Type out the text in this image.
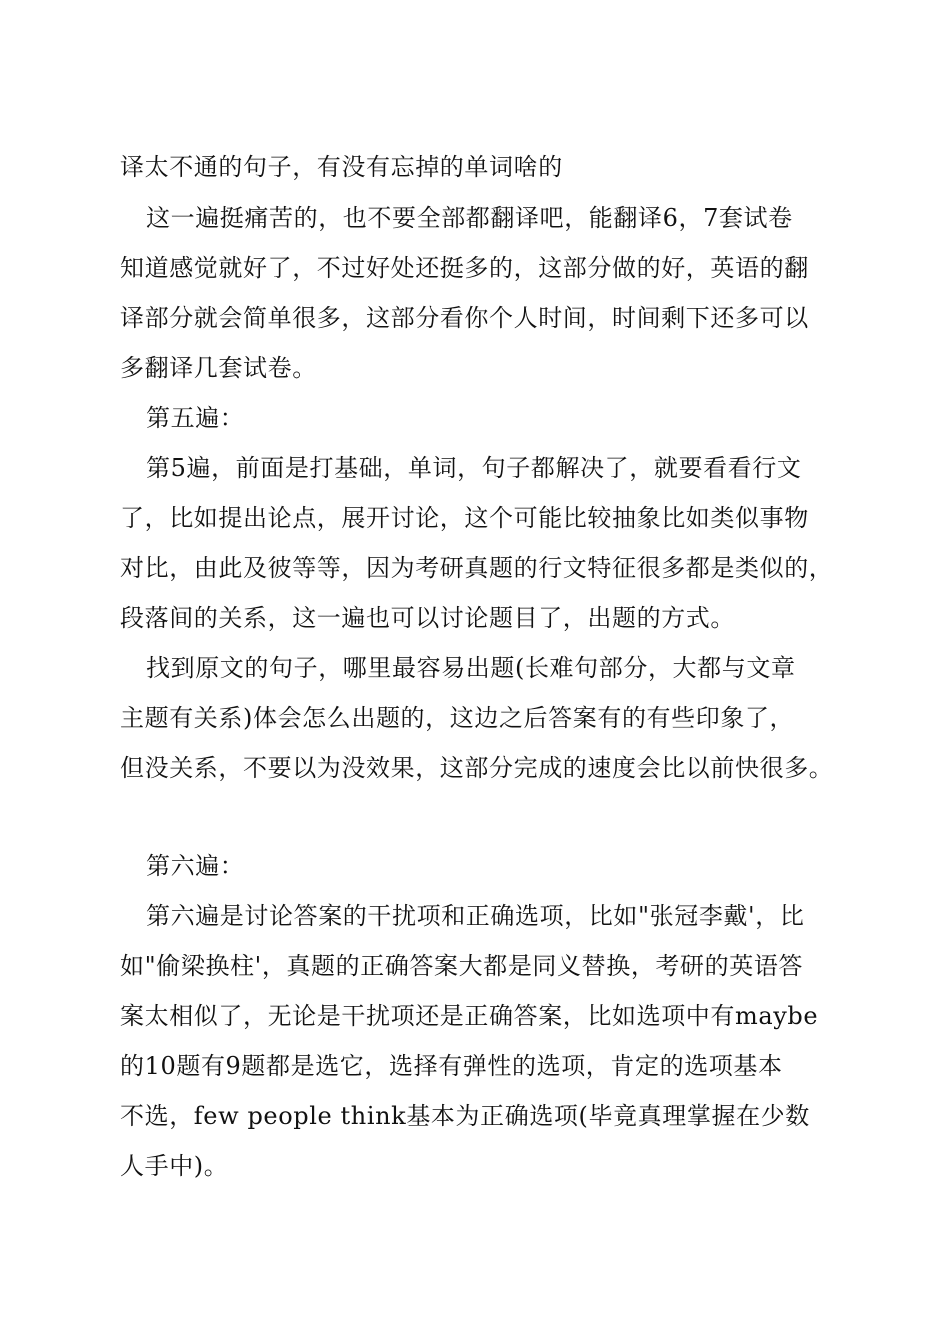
译太不通的句子，有没有忘掉的单词啥的
这一遍挺痛苦的，也不要全部都翻译吧，能翻译6，7套试卷
知道感觉就好了，不过好处还挺多的，这部分做的好，英语的翻
译部分就会简单很多，这部分看你个人时间，时间剩下还多可以
多翻译几套试卷。
第五遍：
第5遍，前面是打基础，单词，句子都解决了，就要看看行文
了，比如提出论点，展开讨论，这个可能比较抽象比如类似事物
对比，由此及彼等等，因为考研真题的行文特征很多都是类似的，
段落间的关系，这一遍也可以讨论题目了，出题的方式。
找到原文的句子，哪里最容易出题(长难句部分，大都与文章
主题有关系)体会怎么出题的，这边之后答案有的有些印象了，
但没关系，不要以为没效果，这部分完成的速度会比以前快很多。
第六遍：
第六遍是讨论答案的干扰项和正确选项，比如"张冠李戴'，比
如"偷梁换柱'，真题的正确答案大都是同义替换，考研的英语答
案太相似了，无论是干扰项还是正确答案，比如选项中有maybe
的10题有9题都是选它，选择有弹性的选项，肯定的选项基本
不选，few people think基本为正确选项(毕竟真理掌握在少数
人手中)。
